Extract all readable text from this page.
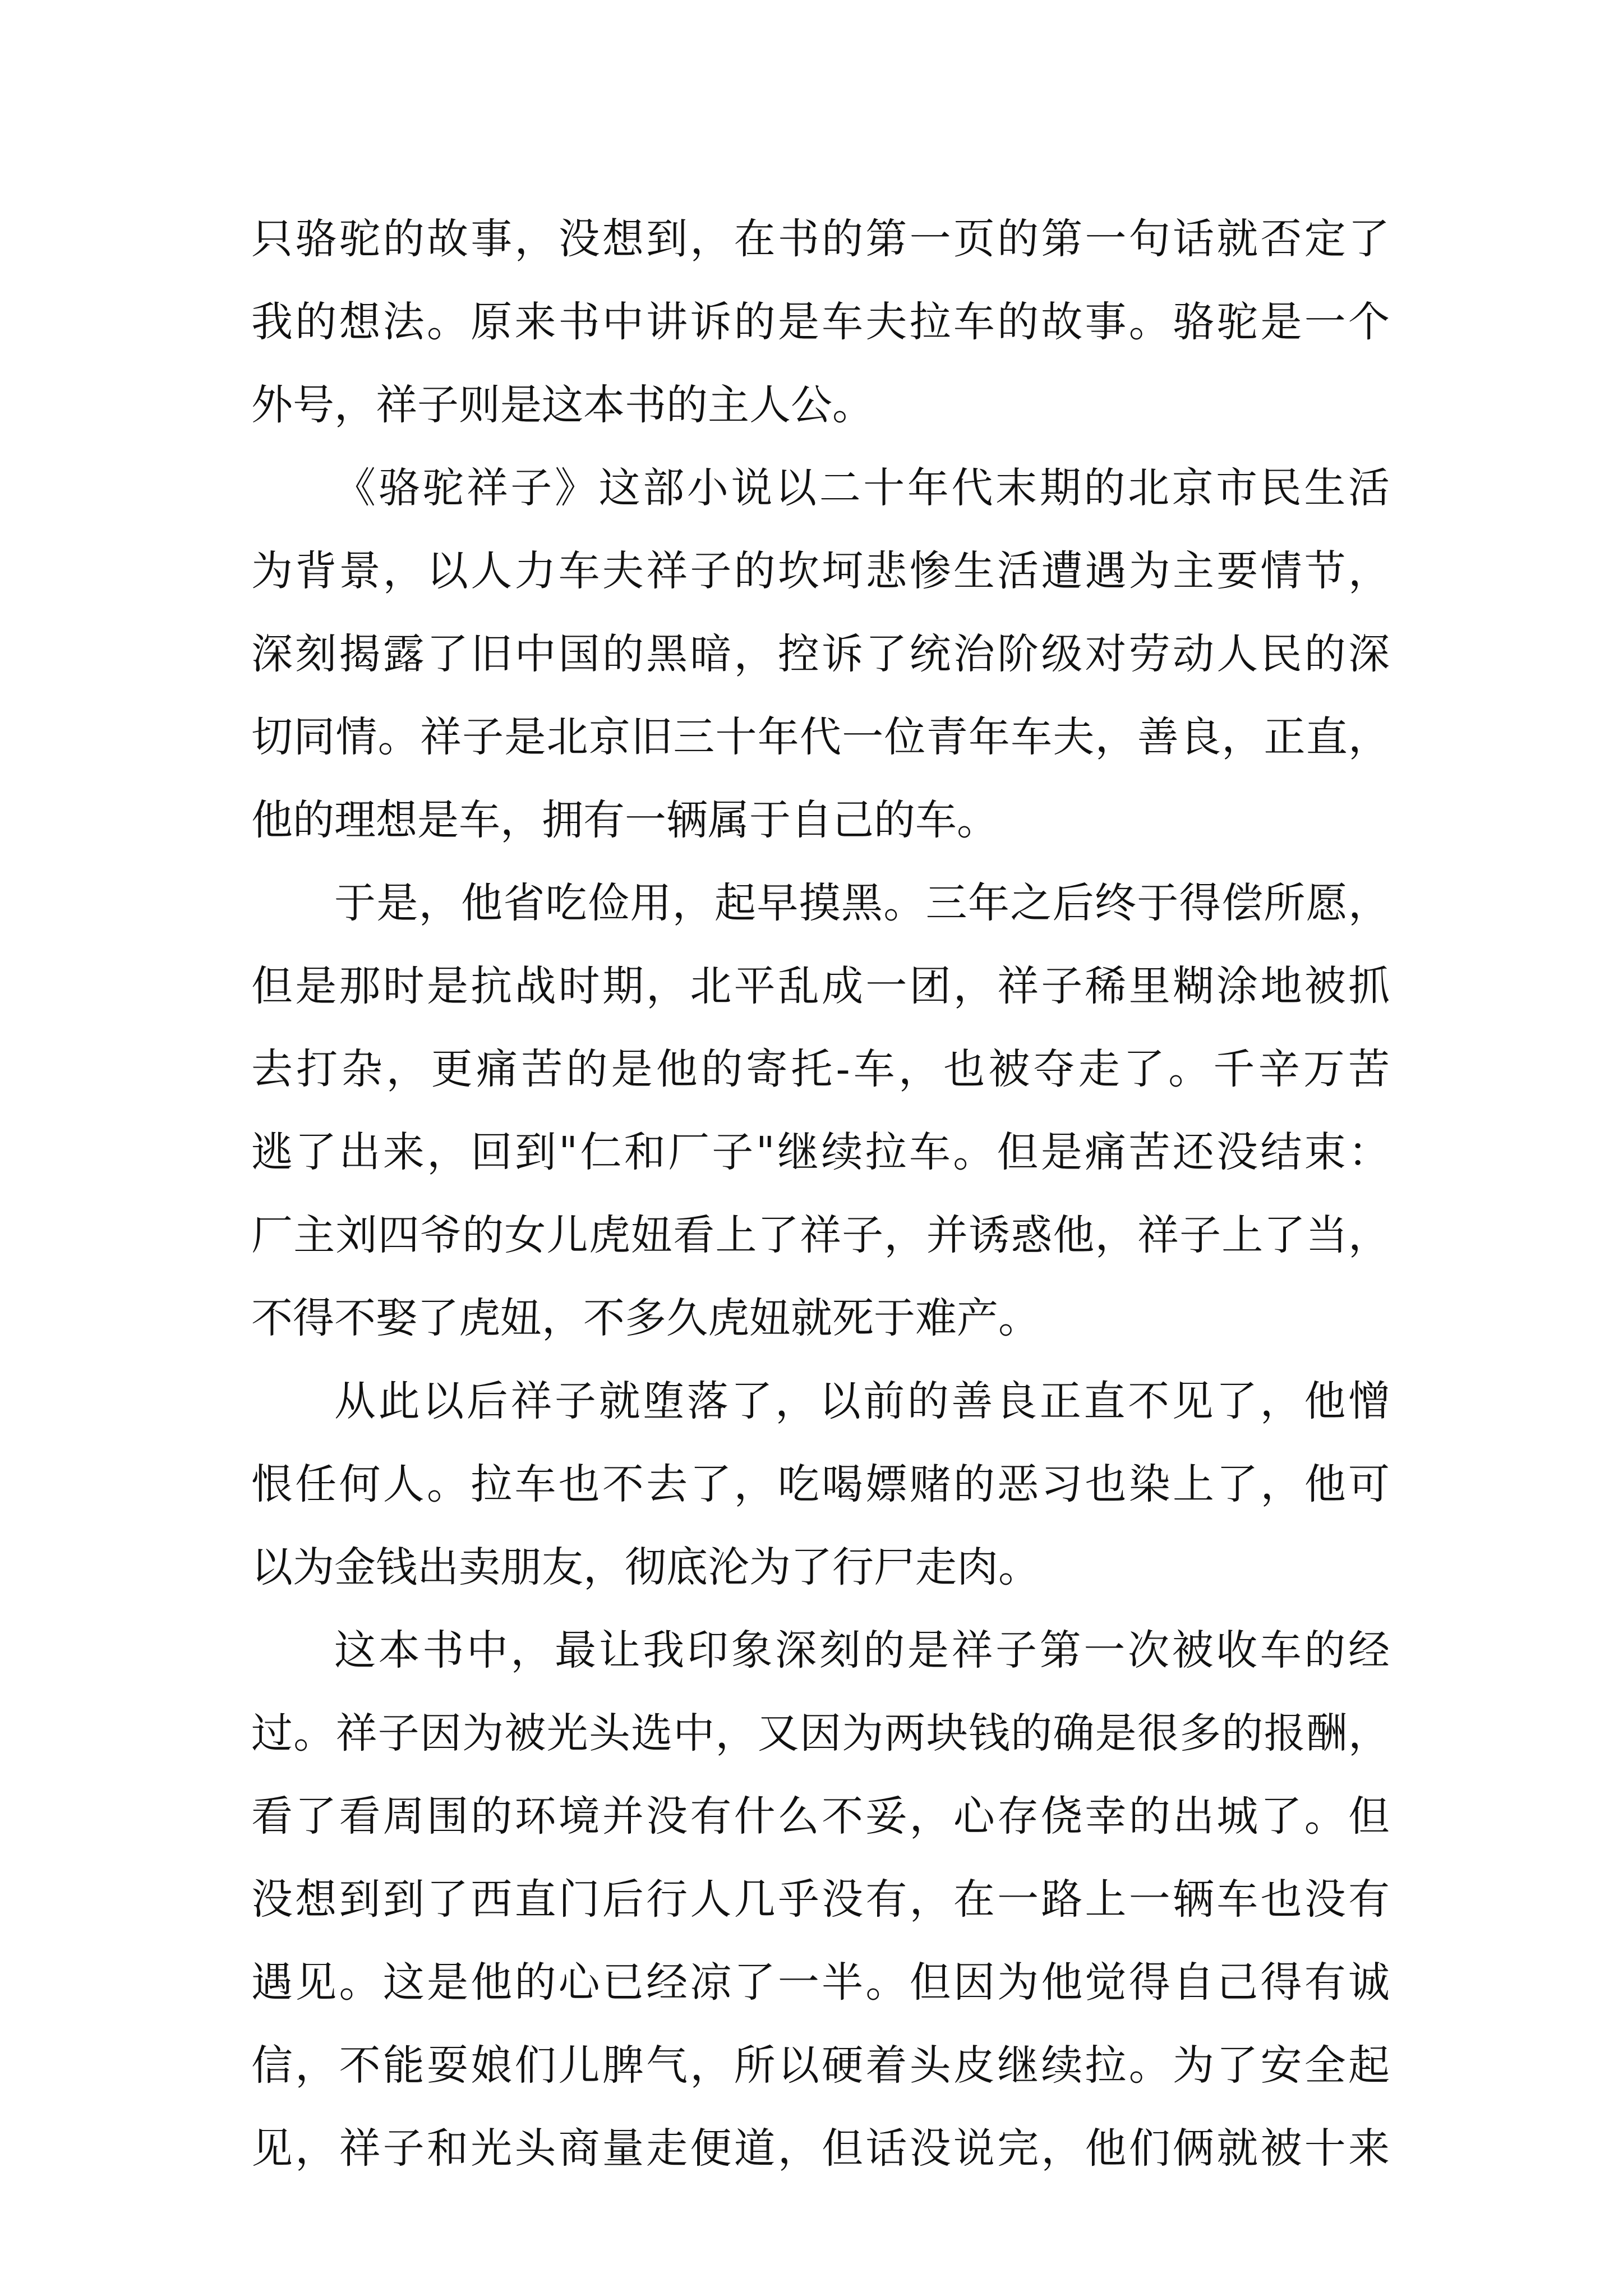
只骆驼的故事，没想到，在书的第一页的第一句话就否定了
我的想法。原来书中讲诉的是车夫拉车的故事。骆驼是一个
外号，祥子则是这本书的主人公。
《骆驼祥子》这部小说以二十年代末期的北京市民生活
为背景，以人力车夫祥子的坎坷悲惨生活遭遇为主要情节，
深刻揭露了旧中国的黑暗，控诉了统治阶级对劳动人民的深
切同情。祥子是北京旧三十年代一位青年车夫，善良，正直，
他的理想是车，拥有一辆属于自己的车。
于是，他省吃俭用，起早摸黑。三年之后终于得偿所愿，
但是那时是抗战时期，北平乱成一团，祥子稀里糊涂地被抓
去打杂，更痛苦的是他的寄托-车，也被夺走了。千辛万苦
逃了出来，回到"仁和厂子"继续拉车。但是痛苦还没结束：
厂主刘四爷的女儿虎妞看上了祥子，并诱惑他，祥子上了当，
不得不娶了虎妞，不多久虎妞就死于难产。
从此以后祥子就堕落了，以前的善良正直不见了，他憎
恨任何人。拉车也不去了，吃喝嫖赌的恶习也染上了，他可
以为金钱出卖朋友，彻底沦为了行尸走肉。
这本书中，最让我印象深刻的是祥子第一次被收车的经
过。祥子因为被光头选中，又因为两块钱的确是很多的报酬，
看了看周围的环境并没有什么不妥，心存侥幸的出城了。但
没想到到了西直门后行人几乎没有，在一路上一辆车也没有
遇见。这是他的心已经凉了一半。但因为他觉得自己得有诚
信，不能耍娘们儿脾气，所以硬着头皮继续拉。为了安全起
见，祥子和光头商量走便道，但话没说完，他们俩就被十来
